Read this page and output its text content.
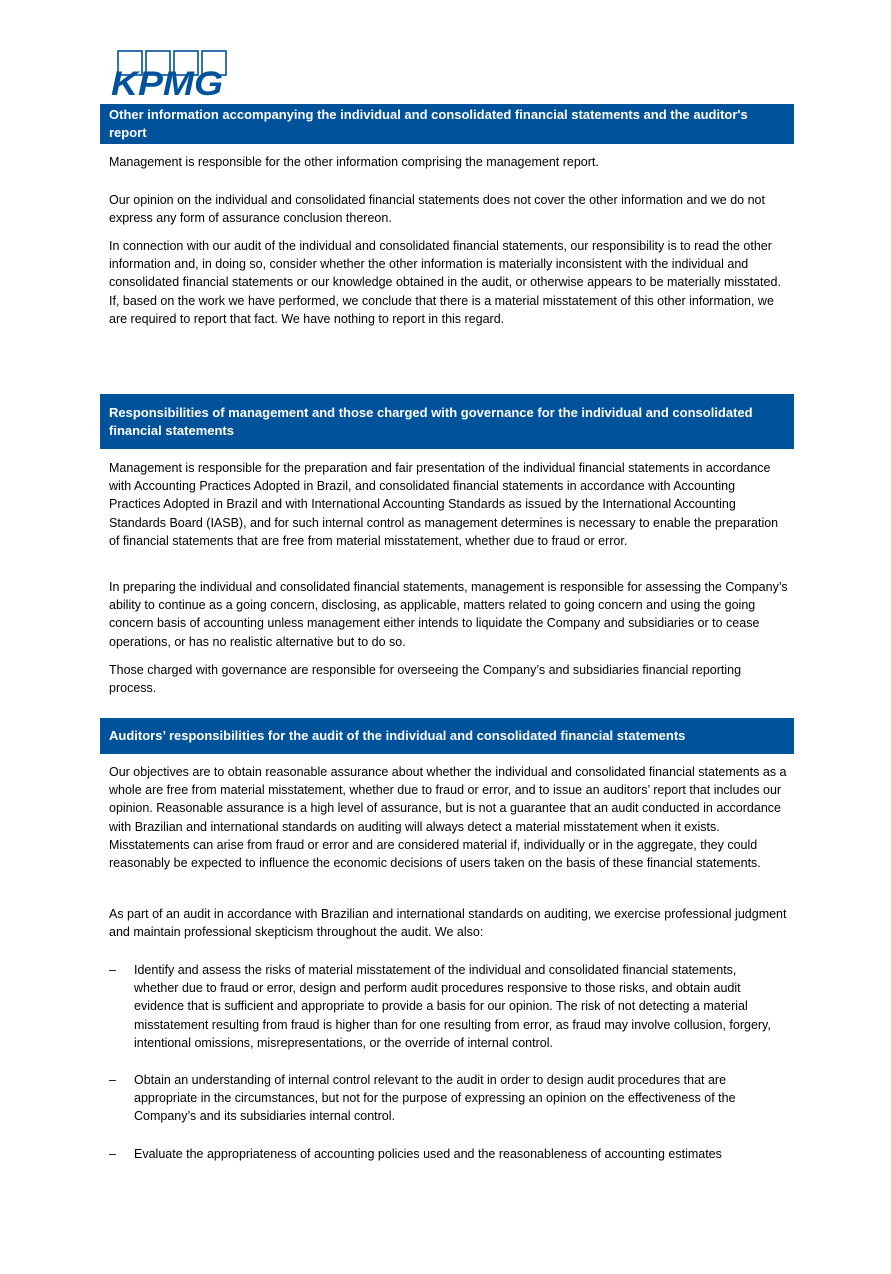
KPMG
Other information accompanying the individual and consolidated financial statements and the auditor's report

Management is responsible for the other information comprising the management report.

Our opinion on the individual and consolidated financial statements does not cover the other information and we do not express any form of assurance conclusion thereon.

In connection with our audit of the individual and consolidated financial statements, our responsibility is to read the other information and, in doing so, consider whether the other information is materially inconsistent with the individual and consolidated financial statements or our knowledge obtained in the audit, or otherwise appears to be materially misstated. If, based on the work we have performed, we conclude that there is a material misstatement of this other information, we are required to report that fact. We have nothing to report in this regard.

Responsibilities of management and those charged with governance for the individual and consolidated financial statements

Management is responsible for the preparation and fair presentation of the individual financial statements in accordance with Accounting Practices Adopted in Brazil, and consolidated financial statements in accordance with Accounting Practices Adopted in Brazil and with International Accounting Standards as issued by the International Accounting Standards Board (IASB), and for such internal control as management determines is necessary to enable the preparation of financial statements that are free from material misstatement, whether due to fraud or error.

In preparing the individual and consolidated financial statements, management is responsible for assessing the Company’s ability to continue as a going concern, disclosing, as applicable, matters related to going concern and using the going concern basis of accounting unless management either intends to liquidate the Company and subsidiaries or to cease operations, or has no realistic alternative but to do so.

Those charged with governance are responsible for overseeing the Company’s and subsidiaries financial reporting process.

Auditors’ responsibilities for the audit of the individual and consolidated financial statements

Our objectives are to obtain reasonable assurance about whether the individual and consolidated financial statements as a whole are free from material misstatement, whether due to fraud or error, and to issue an auditors’ report that includes our opinion. Reasonable assurance is a high level of assurance, but is not a guarantee that an audit conducted in accordance with Brazilian and international standards on auditing will always detect a material misstatement when it exists. Misstatements can arise from fraud or error and are considered material if, individually or in the aggregate, they could reasonably be expected to influence the economic decisions of users taken on the basis of these financial statements.

As part of an audit in accordance with Brazilian and international standards on auditing, we exercise professional judgment and maintain professional skepticism throughout the audit. We also:

–	Identify and assess the risks of material misstatement of the individual and consolidated financial statements, whether due to fraud or error, design and perform audit procedures responsive to those risks, and obtain audit evidence that is sufficient and appropriate to provide a basis for our opinion. The risk of not detecting a material misstatement resulting from fraud is higher than for one resulting from error, as fraud may involve collusion, forgery, intentional omissions, misrepresentations, or the override of internal control.
–	Obtain an understanding of internal control relevant to the audit in order to design audit procedures that are appropriate in the circumstances, but not for the purpose of expressing an opinion on the effectiveness of the Company’s and its subsidiaries internal control.
–	Evaluate the appropriateness of accounting policies used and the reasonableness of accounting estimates
